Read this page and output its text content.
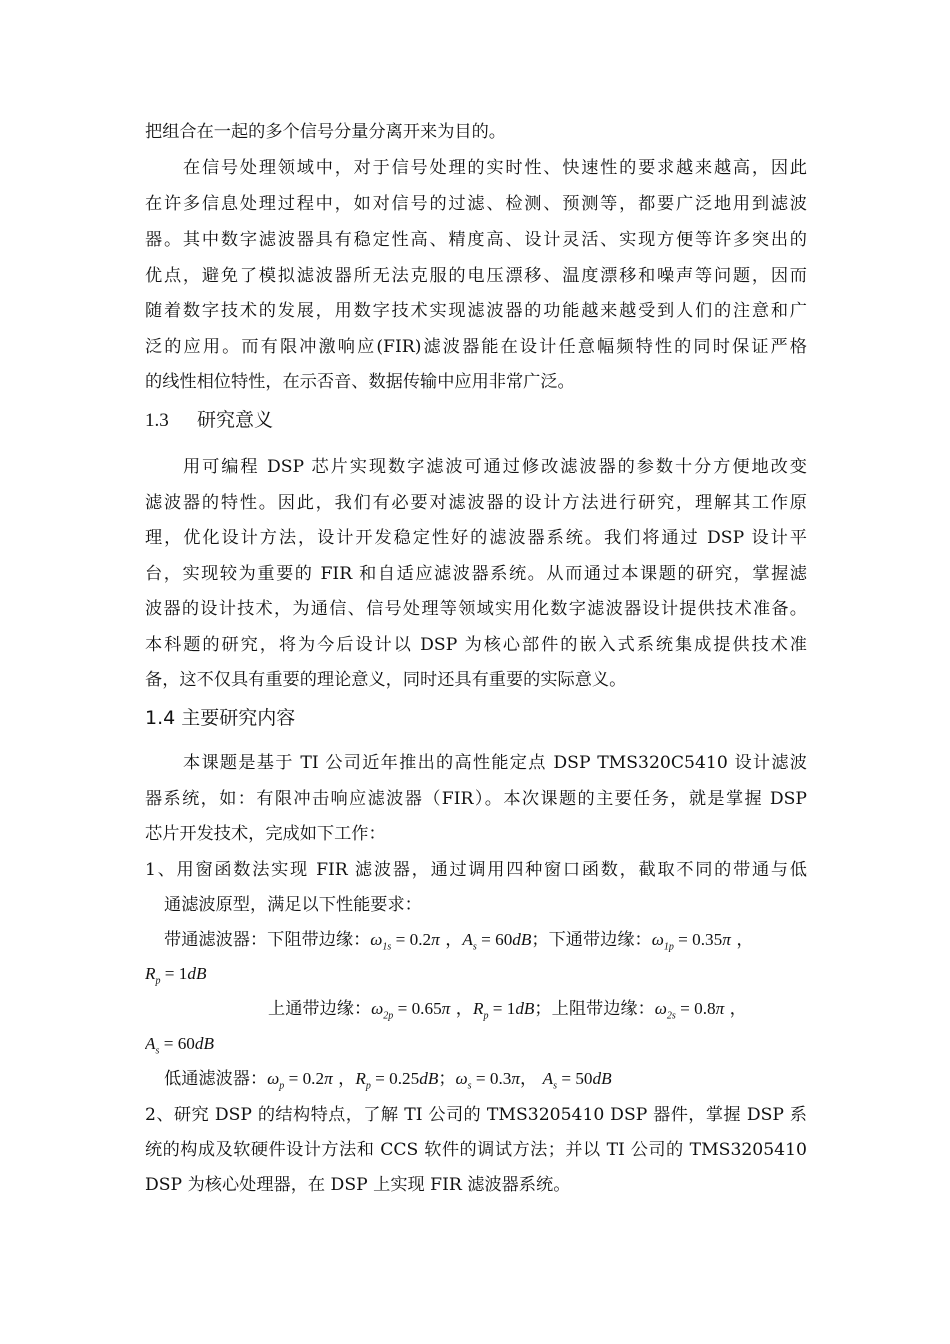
把组合在一起的多个信号分量分离开来为目的。
在信号处理领域中，对于信号处理的实时性、快速性的要求越来越高，因此
在许多信息处理过程中，如对信号的过滤、检测、预测等，都要广泛地用到滤波
器。其中数字滤波器具有稳定性高、精度高、设计灵活、实现方便等许多突出的
优点，避免了模拟滤波器所无法克服的电压漂移、温度漂移和噪声等问题，因而
随着数字技术的发展，用数字技术实现滤波器的功能越来越受到人们的注意和广
泛的应用。而有限冲激响应(FIR)滤波器能在设计任意幅频特性的同时保证严格
的线性相位特性，在示否音、数据传输中应用非常广泛。
1.3 研究意义
用可编程 DSP 芯片实现数字滤波可通过修改滤波器的参数十分方便地改变
滤波器的特性。因此，我们有必要对滤波器的设计方法进行研究，理解其工作原
理，优化设计方法，设计开发稳定性好的滤波器系统。我们将通过 DSP 设计平
台，实现较为重要的 FIR 和自适应滤波器系统。从而通过本课题的研究，掌握滤
波器的设计技术，为通信、信号处理等领域实用化数字滤波器设计提供技术准备。
本科题的研究，将为今后设计以 DSP 为核心部件的嵌入式系统集成提供技术准
备，这不仅具有重要的理论意义，同时还具有重要的实际意义。
1.4 主要研究内容
本课题是基于 TI 公司近年推出的高性能定点 DSP TMS320C5410 设计滤波
器系统，如：有限冲击响应滤波器（FIR）。本次课题的主要任务，就是掌握 DSP
芯片开发技术，完成如下工作：
1、用窗函数法实现 FIR 滤波器，通过调用四种窗口函数，截取不同的带通与低
通滤波原型，满足以下性能要求：
带通滤波器：下阻带边缘：$\omega_{1s} = 0.2\pi$ ，$A_s = 60dB$；下通带边缘：$\omega_{1p} = 0.35\pi$ ，
$R_p = 1dB$
上通带边缘：$\omega_{2p} = 0.65\pi$ ，$R_p = 1dB$；上阻带边缘：$\omega_{2s} = 0.8\pi$ ，
$A_s = 60dB$
低通滤波器：$\omega_p = 0.2\pi$ ，$R_p = 0.25dB$；$\omega_s = 0.3\pi$， $A_s = 50dB$
2、研究 DSP 的结构特点，了解 TI 公司的 TMS3205410 DSP 器件，掌握 DSP 系
统的构成及软硬件设计方法和 CCS 软件的调试方法；并以 TI 公司的 TMS3205410
DSP 为核心处理器，在 DSP 上实现 FIR 滤波器系统。
